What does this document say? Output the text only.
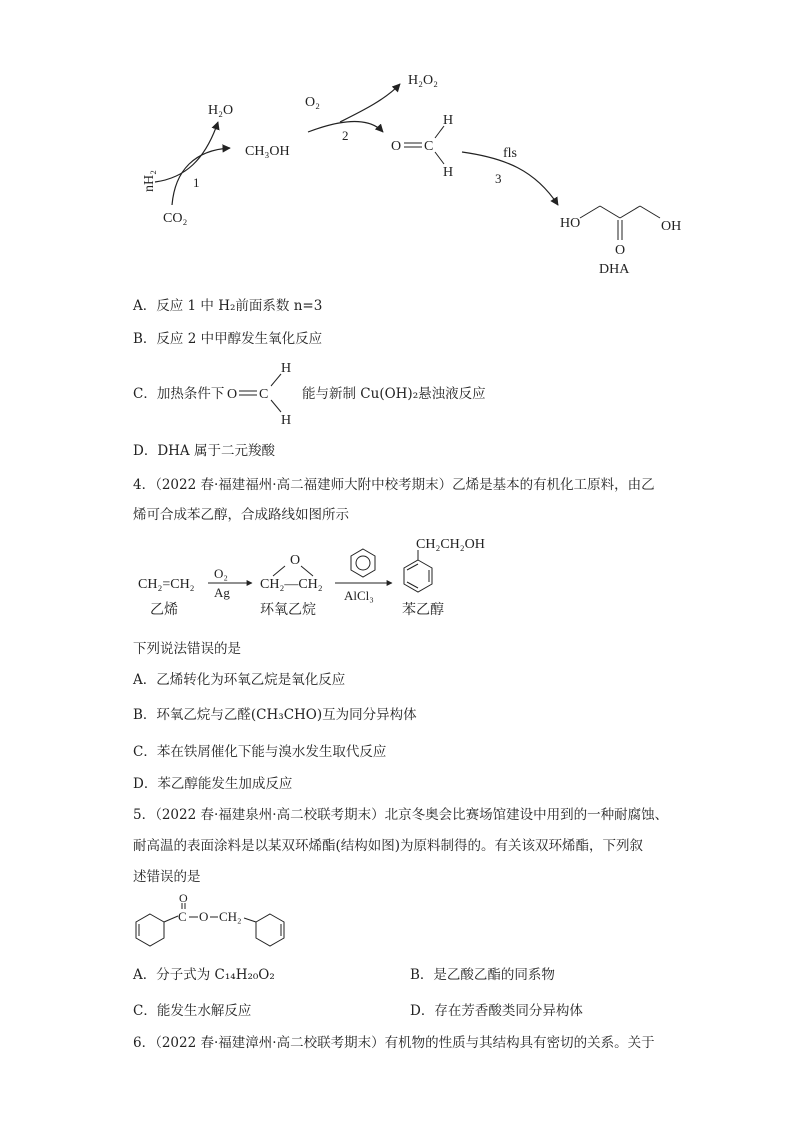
H₂O
nH₂	1
CO₂
CH₃OH
O₂
H₂O₂
2
O C
H
H
fls
3
HO	OH
O
DHA
A．反应 1 中 H₂前面系数 n=3
B．反应 2 中甲醇发生氧化反应
C．加热条件下 O C
H
H
能与新制 Cu(OH)₂悬浊液反应
D．DHA 属于二元羧酸
4．（2022 春·福建福州·高二福建师大附中校考期末）乙烯是基本的有机化工原料，由乙
烯可合成苯乙醇，合成路线如图所示
CH₂=CH₂
乙烯
O₂
Ag
O
CH₂—CH₂
环氧乙烷
AlCl₃
CH₂CH₂OH
苯乙醇
下列说法错误的是
A．乙烯转化为环氧乙烷是氧化反应
B．环氧乙烷与乙醛(CH₃CHO)互为同分异构体
C．苯在铁屑催化下能与溴水发生取代反应
D．苯乙醇能发生加成反应
5．（2022 春·福建泉州·高二校联考期末）北京冬奥会比赛场馆建设中用到的一种耐腐蚀、
耐高温的表面涂料是以某双环烯酯(结构如图)为原料制得的。有关该双环烯酯，下列叙
述错误的是
C
O
O CH₂
A．分子式为 C₁₄H₂₀O₂	B．是乙酸乙酯的同系物
C．能发生水解反应	D．存在芳香酸类同分异构体
6．（2022 春·福建漳州·高二校联考期末）有机物的性质与其结构具有密切的关系。关于
